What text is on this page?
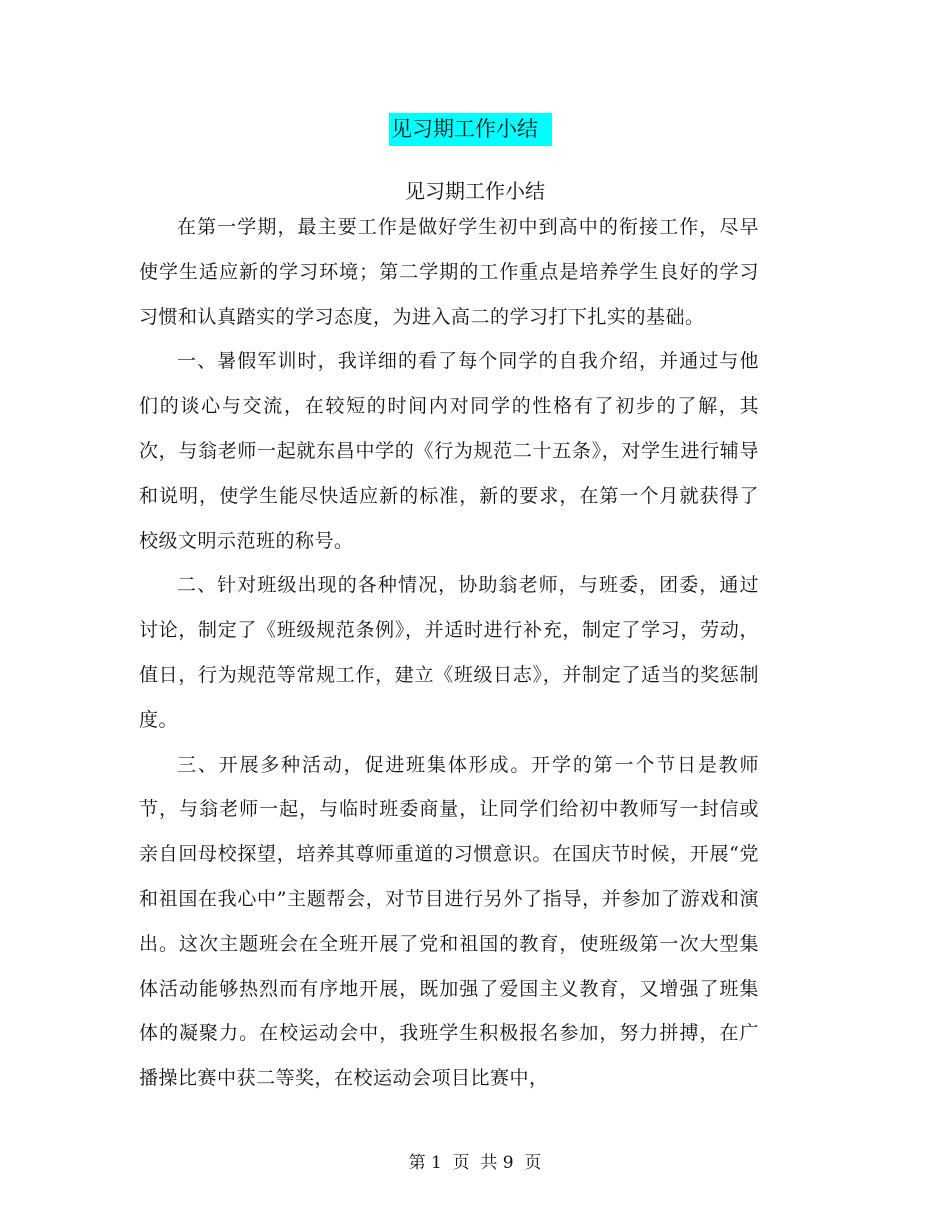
见习期工作小结
见习期工作小结

在第一学期，最主要工作是做好学生初中到高中的衔接工作，尽早使学生适应新的学习环境；第二学期的工作重点是培养学生良好的学习习惯和认真踏实的学习态度，为进入高二的学习打下扎实的基础。

一、暑假军训时，我详细的看了每个同学的自我介绍，并通过与他们的谈心与交流，在较短的时间内对同学的性格有了初步的了解，其次，与翁老师一起就东昌中学的《行为规范二十五条》，对学生进行辅导和说明，使学生能尽快适应新的标准，新的要求，在第一个月就获得了校级文明示范班的称号。

二、针对班级出现的各种情况，协助翁老师，与班委，团委，通过讨论，制定了《班级规范条例》，并适时进行补充，制定了学习，劳动，值日，行为规范等常规工作，建立《班级日志》，并制定了适当的奖惩制度。

三、开展多种活动，促进班集体形成。开学的第一个节日是教师节，与翁老师一起，与临时班委商量，让同学们给初中教师写一封信或亲自回母校探望，培养其尊师重道的习惯意识。在国庆节时候，开展“党和祖国在我心中”主题帮会，对节目进行另外了指导，并参加了游戏和演出。这次主题班会在全班开展了党和祖国的教育，使班级第一次大型集体活动能够热烈而有序地开展，既加强了爱国主义教育，又增强了班集体的凝聚力。在校运动会中，我班学生积极报名参加，努力拼搏，在广播操比赛中获二等奖，在校运动会项目比赛中，

第 1  页  共 9  页
